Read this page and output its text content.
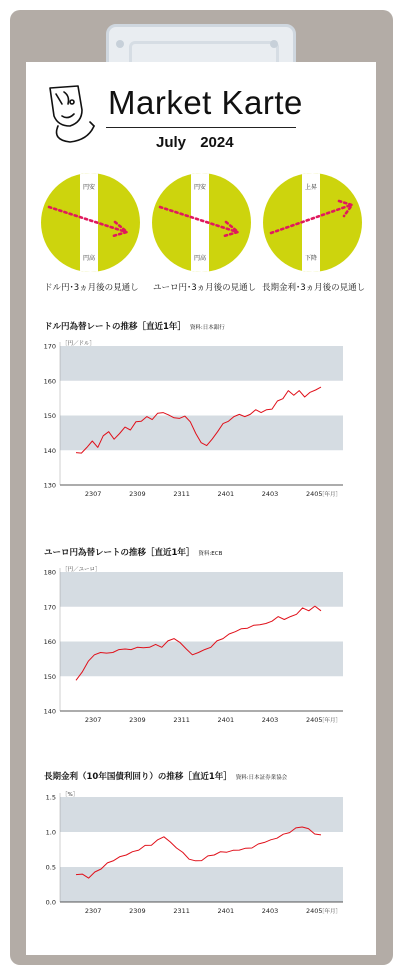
Market Karte
July 2024
円安
円高
円安
円高
上昇
下降
ドル円･3ヵ月後の見通し ユーロ円･3ヵ月後の見通し 長期金利･3ヵ月後の見通し
ドル円為替レートの推移［直近1年］ 資料:日本銀行
170
160
150
140
130
［円／ドル］
2307	2309	2311	2401	2403	2405
［年月］
ユーロ円為替レートの推移［直近1年］ 資料:ECB
180
170
160
150
140
［円／ユーロ］
2307	2309	2311	2401	2403	2405
［年月］
長期金利（10年国債利回り）の推移［直近1年］ 資料:日本証券業協会
1.5
1.0
0.5
0.0
［%］
2307	2309	2311	2401	2403	2405
［年月］
